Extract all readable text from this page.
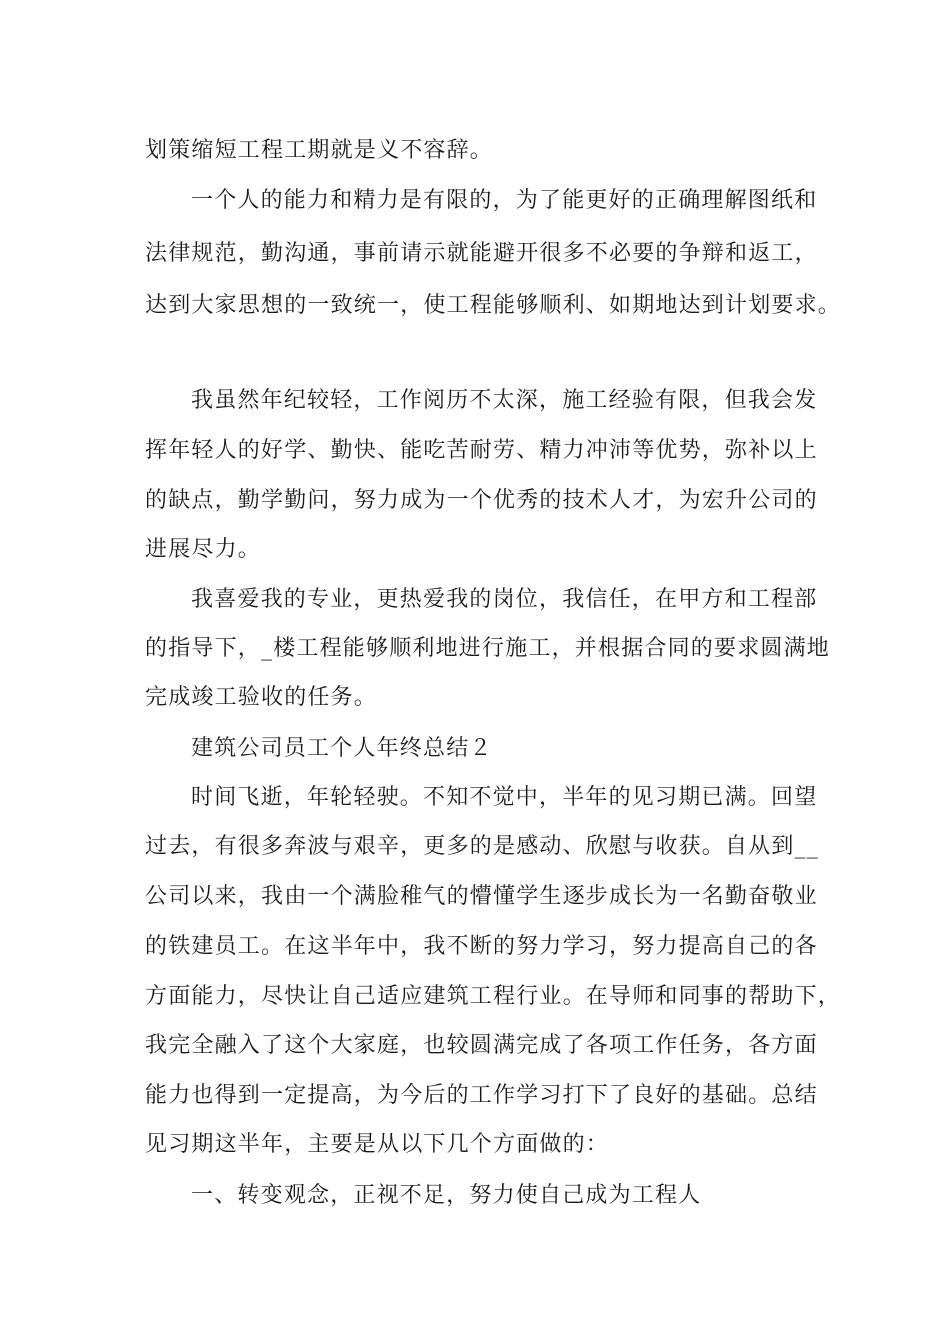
划策缩短工程工期就是义不容辞。
一个人的能力和精力是有限的，为了能更好的正确理解图纸和
法律规范，勤沟通，事前请示就能避开很多不必要的争辩和返工，
达到大家思想的一致统一，使工程能够顺利、如期地达到计划要求。
我虽然年纪较轻，工作阅历不太深，施工经验有限，但我会发
挥年轻人的好学、勤快、能吃苦耐劳、精力冲沛等优势，弥补以上
的缺点，勤学勤问，努力成为一个优秀的技术人才，为宏升公司的
进展尽力。
我喜爱我的专业，更热爱我的岗位，我信任，在甲方和工程部
的指导下，_楼工程能够顺利地进行施工，并根据合同的要求圆满地
完成竣工验收的任务。
建筑公司员工个人年终总结２
时间飞逝，年轮轻驶。不知不觉中，半年的见习期已满。回望
过去，有很多奔波与艰辛，更多的是感动、欣慰与收获。自从到__
公司以来，我由一个满脸稚气的懵懂学生逐步成长为一名勤奋敬业
的铁建员工。在这半年中，我不断的努力学习，努力提高自己的各
方面能力，尽快让自己适应建筑工程行业。在导师和同事的帮助下，
我完全融入了这个大家庭，也较圆满完成了各项工作任务，各方面
能力也得到一定提高，为今后的工作学习打下了良好的基础。总结
见习期这半年，主要是从以下几个方面做的：
一、转变观念，正视不足，努力使自己成为工程人
